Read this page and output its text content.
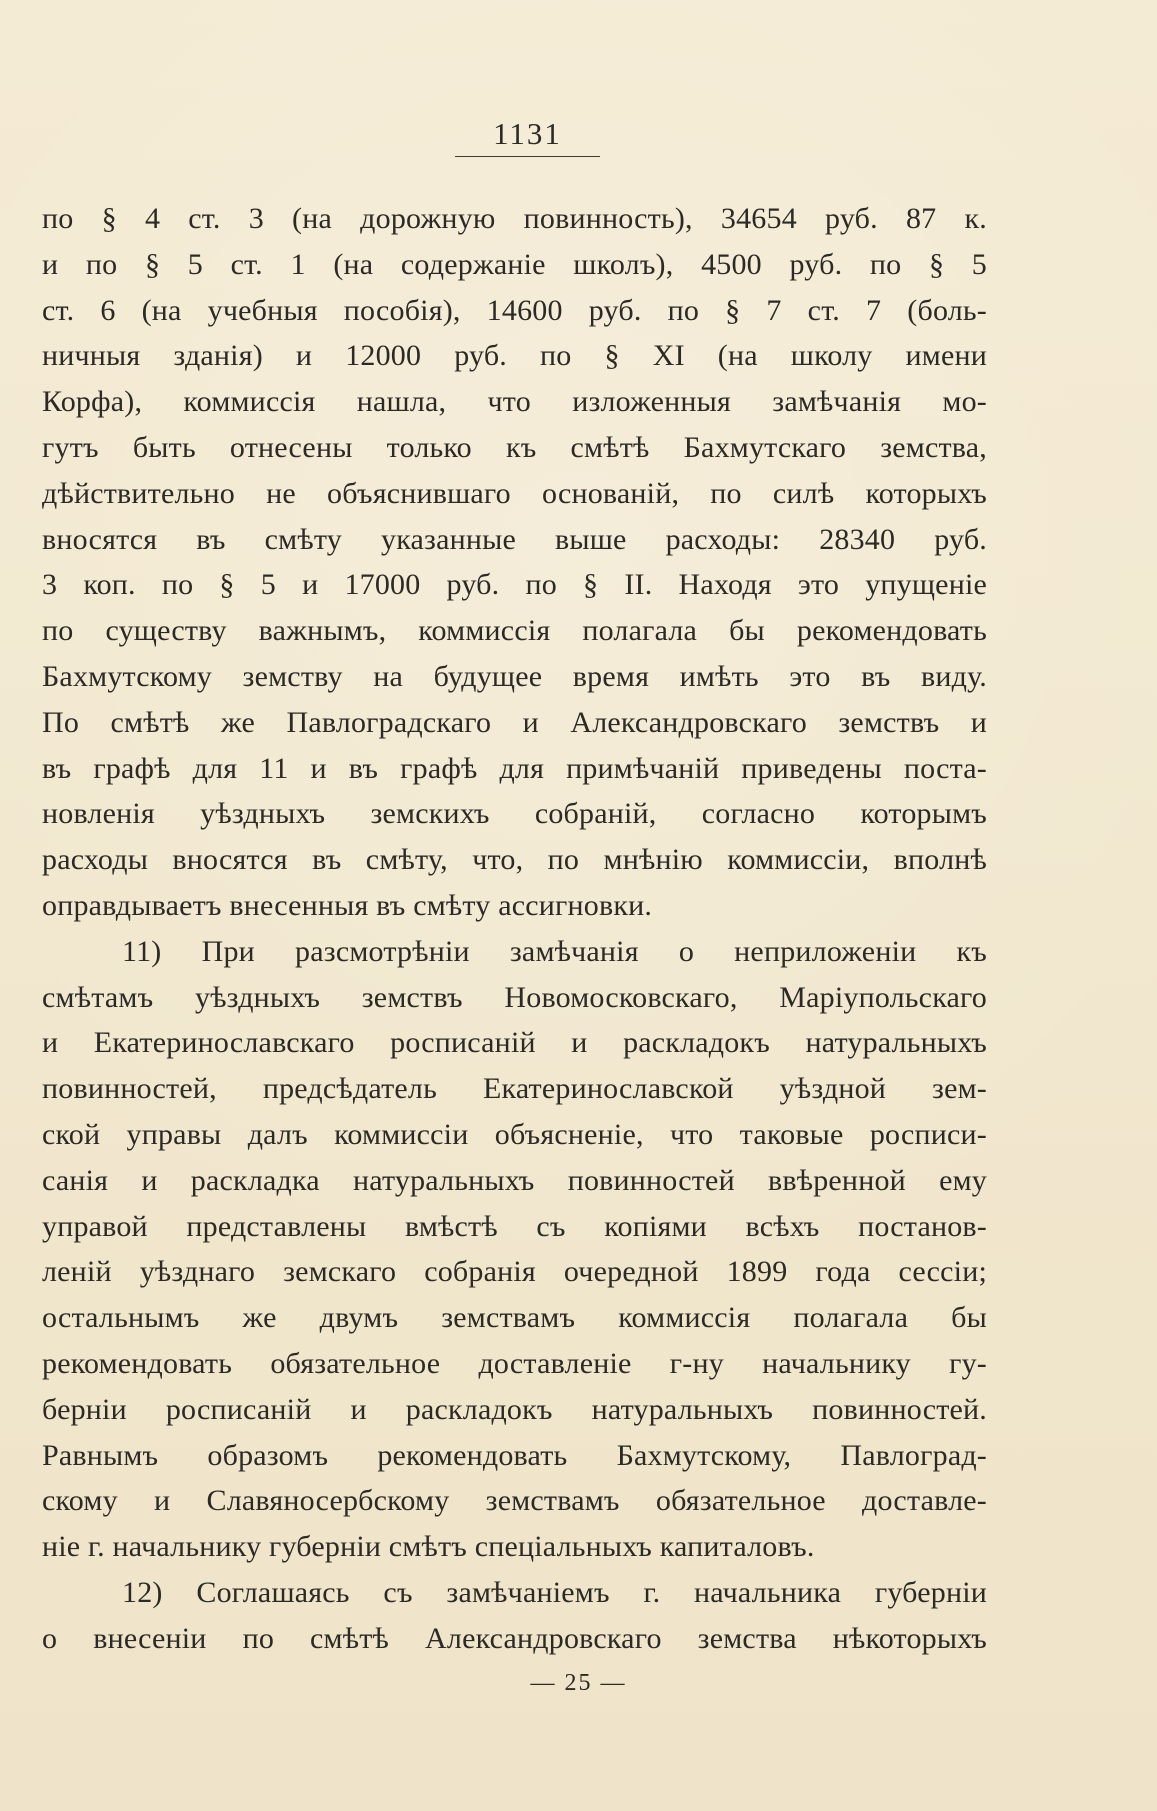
1131
по § 4 ст. 3 (на дорожную повинность), 34654 руб. 87 к.
и по § 5 ст. 1 (на содержаніе школъ), 4500 руб. по § 5
ст. 6 (на учебныя пособія), 14600 руб. по § 7 ст. 7 (боль-
ничныя зданія) и 12000 руб. по § XI (на школу имени
Корфа), коммиссія нашла, что изложенныя замѣчанія мо-
гутъ быть отнесены только къ смѣтѣ Бахмутскаго земства,
дѣйствительно не объяснившаго основаній, по силѣ которыхъ
вносятся въ смѣту указанные выше расходы: 28340 руб.
3 коп. по § 5 и 17000 руб. по § II. Находя это упущеніе
по существу важнымъ, коммиссія полагала бы рекомендовать
Бахмутскому земству на будущее время имѣть это въ виду.
По смѣтѣ же Павлоградскаго и Александровскаго земствъ и
въ графѣ для 11 и въ графѣ для примѣчаній приведены поста-
новленія уѣздныхъ земскихъ собраній, согласно которымъ
расходы вносятся въ смѣту, что, по мнѣнію коммиссіи, вполнѣ
оправдываетъ внесенныя въ смѣту ассигновки.
11) При разсмотрѣніи замѣчанія о неприложеніи къ
смѣтамъ уѣздныхъ земствъ Новомосковскаго, Маріупольскаго
и Екатеринославскаго росписаній и раскладокъ натуральныхъ
повинностей, предсѣдатель Екатеринославской уѣздной зем-
ской управы далъ коммиссіи объясненіе, что таковые росписи-
санія и раскладка натуральныхъ повинностей ввѣренной ему
управой представлены вмѣстѣ съ копіями всѣхъ постанов-
леній уѣзднаго земскаго собранія очередной 1899 года сессіи;
остальнымъ же двумъ земствамъ коммиссія полагала бы
рекомендовать обязательное доставленіе г-ну начальнику гу-
берніи росписаній и раскладокъ натуральныхъ повинностей.
Равнымъ образомъ рекомендовать Бахмутскому, Павлоград-
скому и Славяносербскому земствамъ обязательное доставле-
ніе г. начальнику губерніи смѣтъ спеціальныхъ капиталовъ.
12) Соглашаясь съ замѣчаніемъ г. начальника губерніи
о внесеніи по смѣтѣ Александровскаго земства нѣкоторыхъ
— 25 —
